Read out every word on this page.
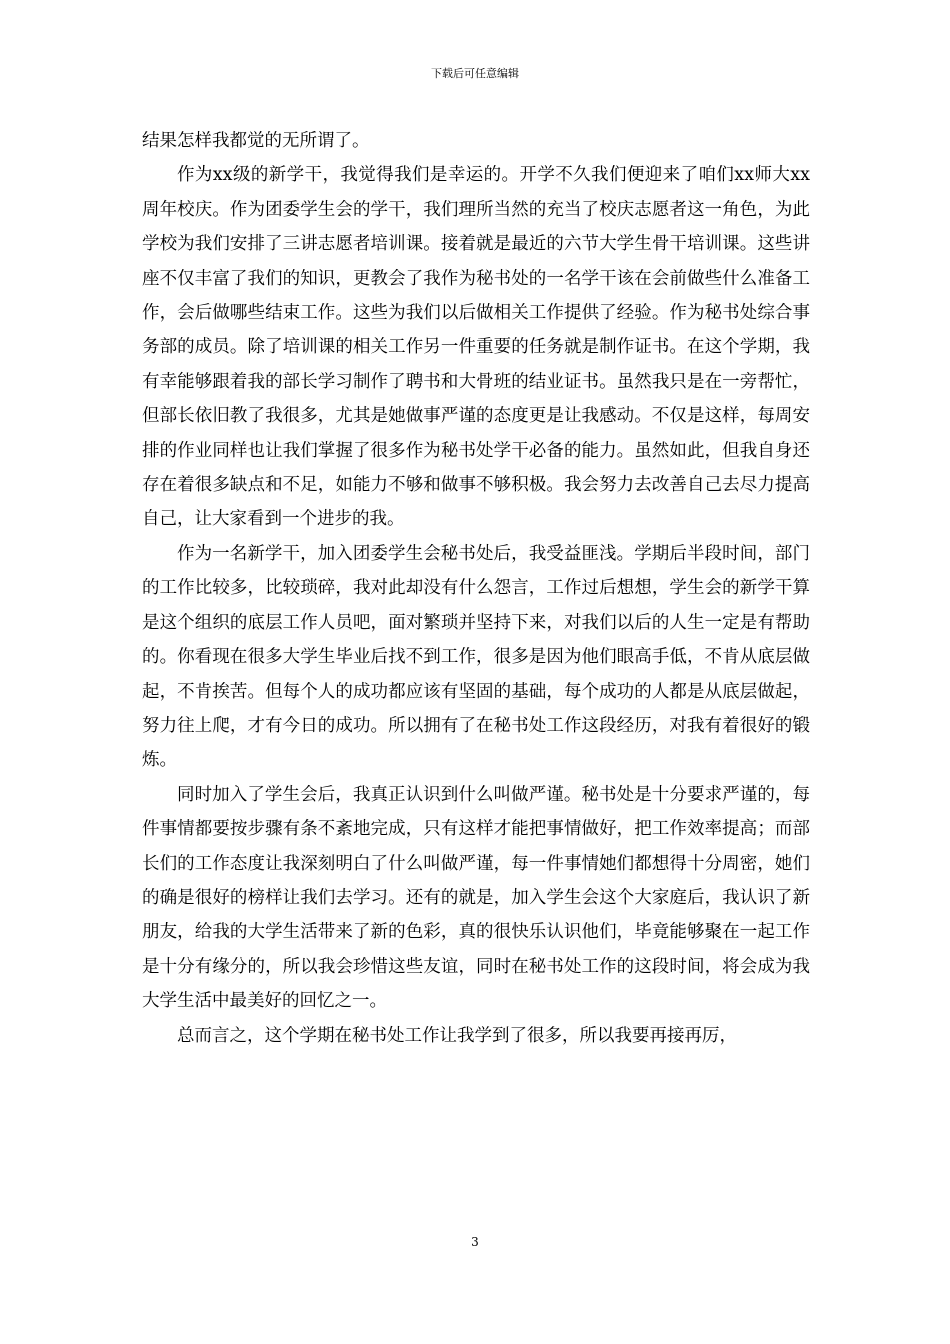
下载后可任意编辑

结果怎样我都觉的无所谓了。

作为xx级的新学干，我觉得我们是幸运的。开学不久我们便迎来了咱们xx师大xx周年校庆。作为团委学生会的学干，我们理所当然的充当了校庆志愿者这一角色，为此学校为我们安排了三讲志愿者培训课。接着就是最近的六节大学生骨干培训课。这些讲座不仅丰富了我们的知识，更教会了我作为秘书处的一名学干该在会前做些什么准备工作，会后做哪些结束工作。这些为我们以后做相关工作提供了经验。作为秘书处综合事务部的成员。除了培训课的相关工作另一件重要的任务就是制作证书。在这个学期，我有幸能够跟着我的部长学习制作了聘书和大骨班的结业证书。虽然我只是在一旁帮忙，但部长依旧教了我很多，尤其是她做事严谨的态度更是让我感动。不仅是这样，每周安排的作业同样也让我们掌握了很多作为秘书处学干必备的能力。虽然如此，但我自身还存在着很多缺点和不足，如能力不够和做事不够积极。我会努力去改善自己去尽力提高自己，让大家看到一个进步的我。

作为一名新学干，加入团委学生会秘书处后，我受益匪浅。学期后半段时间，部门的工作比较多，比较琐碎，我对此却没有什么怨言，工作过后想想，学生会的新学干算是这个组织的底层工作人员吧，面对繁琐并坚持下来，对我们以后的人生一定是有帮助的。你看现在很多大学生毕业后找不到工作，很多是因为他们眼高手低，不肯从底层做起，不肯挨苦。但每个人的成功都应该有坚固的基础，每个成功的人都是从底层做起，努力往上爬，才有今日的成功。所以拥有了在秘书处工作这段经历，对我有着很好的锻炼。

同时加入了学生会后，我真正认识到什么叫做严谨。秘书处是十分要求严谨的，每件事情都要按步骤有条不紊地完成，只有这样才能把事情做好，把工作效率提高；而部长们的工作态度让我深刻明白了什么叫做严谨，每一件事情她们都想得十分周密，她们的确是很好的榜样让我们去学习。还有的就是，加入学生会这个大家庭后，我认识了新朋友，给我的大学生活带来了新的色彩，真的很快乐认识他们，毕竟能够聚在一起工作是十分有缘分的，所以我会珍惜这些友谊，同时在秘书处工作的这段时间，将会成为我大学生活中最美好的回忆之一。

总而言之，这个学期在秘书处工作让我学到了很多，所以我要再接再厉，

3
